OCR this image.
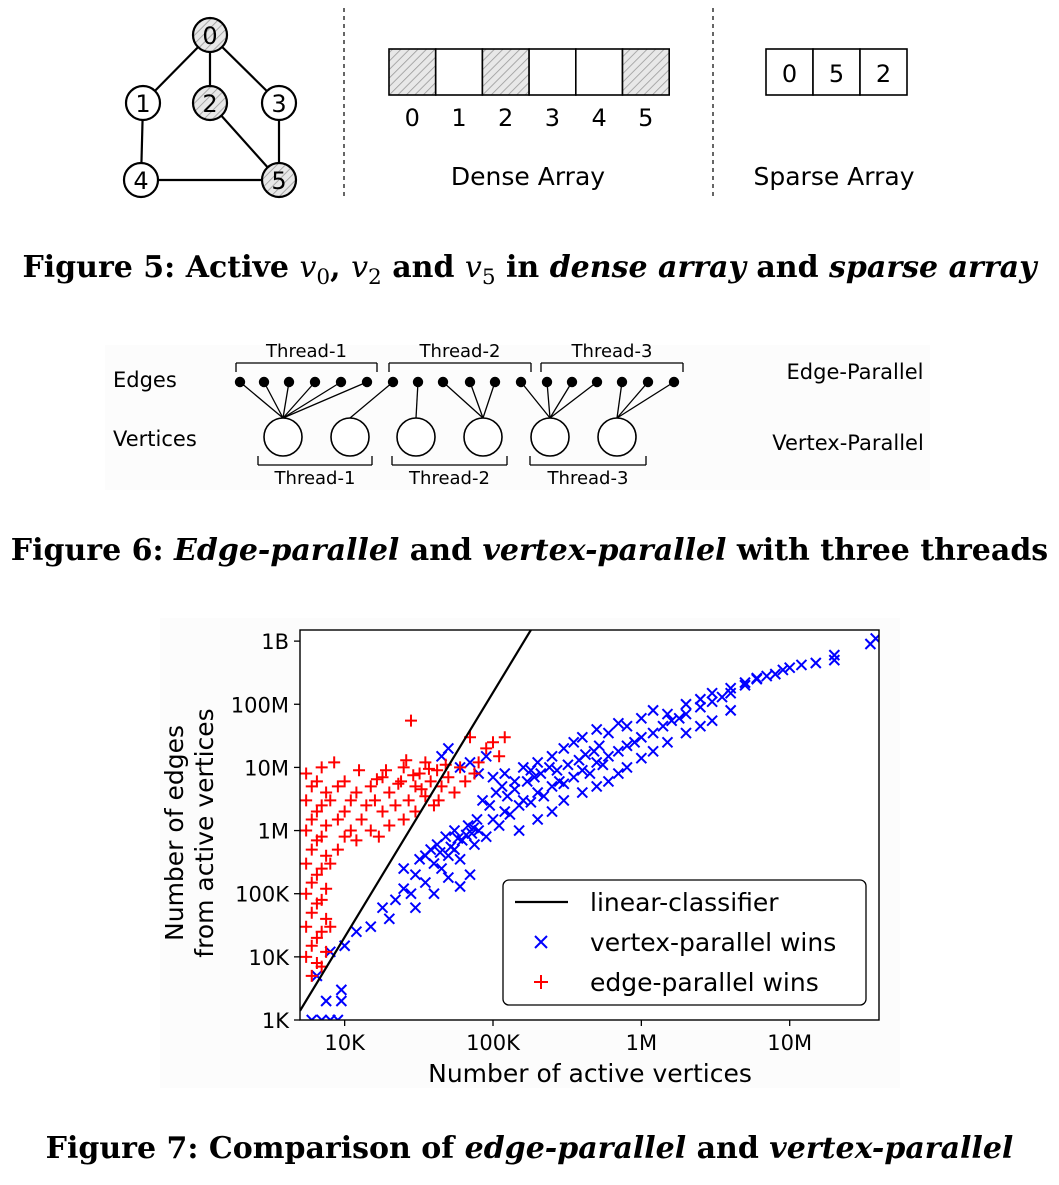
0
1 2 3
4	5
0 1 2 3 4 5
Dense Array
0 5 2
Sparse Array
Edges
Vertices
Edge-Parallel
Vertex-Parallel
Thread-1	Thread-2	Thread-3
Thread-1	Thread-2	Thread-3
10K	100K	1M	10M
1K
10K
100K
1M
10M
100M
1B
Number of active vertices
Number of edges from active vertices	linear-classifier
vertex-parallel wins
edge-parallel wins
Figure 5: Active $v_0$, $v_2$ and $v_5$ in dense array and sparse array
Figure 6: Edge-parallel and vertex-parallel with three threads
Figure 7: Comparison of edge-parallel and vertex-parallel
